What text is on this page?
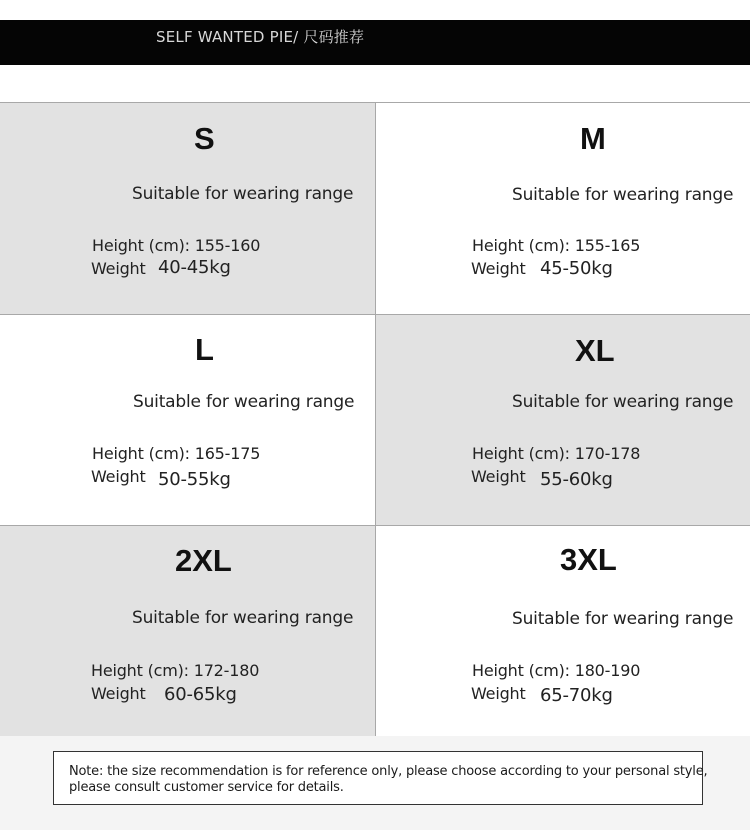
SELF WANTED PIE/ 尺码推荐
S
Suitable for wearing range
Height (cm): 155-160
Weight 40-45kg
M
Suitable for wearing range
Height (cm): 155-165
Weight 45-50kg
L
Suitable for wearing range
Height (cm): 165-175
Weight 50-55kg
XL
Suitable for wearing range
Height (cm): 170-178
Weight 55-60kg
2XL
Suitable for wearing range
Height (cm): 172-180
Weight 60-65kg
3XL
Suitable for wearing range
Height (cm): 180-190
Weight 65-70kg
Note: the size recommendation is for reference only, please choose according to your personal style, please consult customer service for details.
